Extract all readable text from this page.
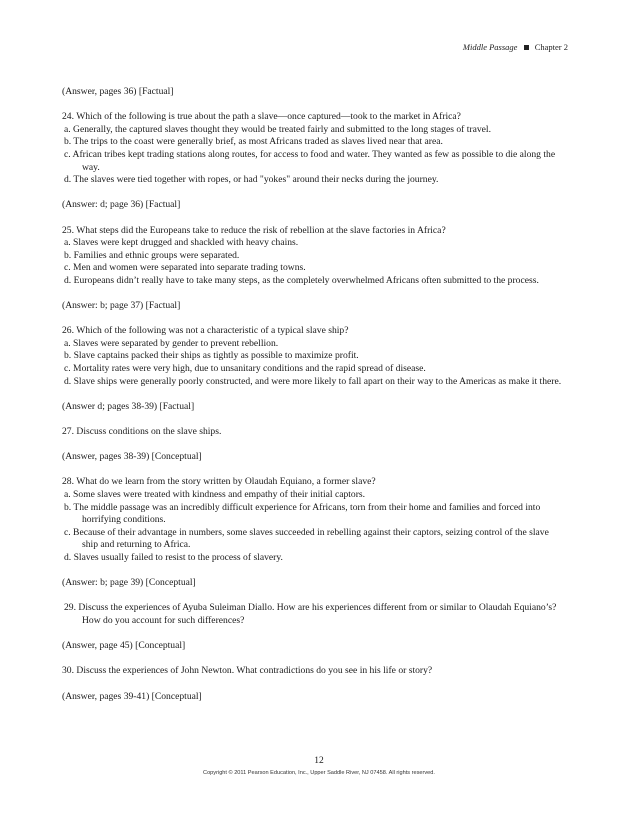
Middle Passage Chapter 2
(Answer, pages 36) [Factual]
24. Which of the following is true about the path a slave—once captured—took to the market in Africa?
a. Generally, the captured slaves thought they would be treated fairly and submitted to the long stages of travel.
b. The trips to the coast were generally brief, as most Africans traded as slaves lived near that area.
c. African tribes kept trading stations along routes, for access to food and water. They wanted as few as possible to die along the way.
d. The slaves were tied together with ropes, or had "yokes" around their necks during the journey.
(Answer: d; page 36) [Factual]
25. What steps did the Europeans take to reduce the risk of rebellion at the slave factories in Africa?
a. Slaves were kept drugged and shackled with heavy chains.
b. Families and ethnic groups were separated.
c. Men and women were separated into separate trading towns.
d. Europeans didn’t really have to take many steps, as the completely overwhelmed Africans often submitted to the process.
(Answer: b; page 37) [Factual]
26. Which of the following was not a characteristic of a typical slave ship?
a. Slaves were separated by gender to prevent rebellion.
b. Slave captains packed their ships as tightly as possible to maximize profit.
c. Mortality rates were very high, due to unsanitary conditions and the rapid spread of disease.
d. Slave ships were generally poorly constructed, and were more likely to fall apart on their way to the Americas as make it there.
(Answer d; pages 38-39) [Factual]
27. Discuss conditions on the slave ships.
(Answer, pages 38-39) [Conceptual]
28. What do we learn from the story written by Olaudah Equiano, a former slave?
a. Some slaves were treated with kindness and empathy of their initial captors.
b. The middle passage was an incredibly difficult experience for Africans, torn from their home and families and forced into horrifying conditions.
c. Because of their advantage in numbers, some slaves succeeded in rebelling against their captors, seizing control of the slave ship and returning to Africa.
d. Slaves usually failed to resist to the process of slavery.
(Answer: b; page 39) [Conceptual]
29. Discuss the experiences of Ayuba Suleiman Diallo. How are his experiences different from or similar to Olaudah Equiano’s? How do you account for such differences?
(Answer, page 45) [Conceptual]
30. Discuss the experiences of John Newton. What contradictions do you see in his life or story?
(Answer, pages 39-41) [Conceptual]
12
Copyright © 2011 Pearson Education, Inc., Upper Saddle River, NJ 07458. All rights reserved.
